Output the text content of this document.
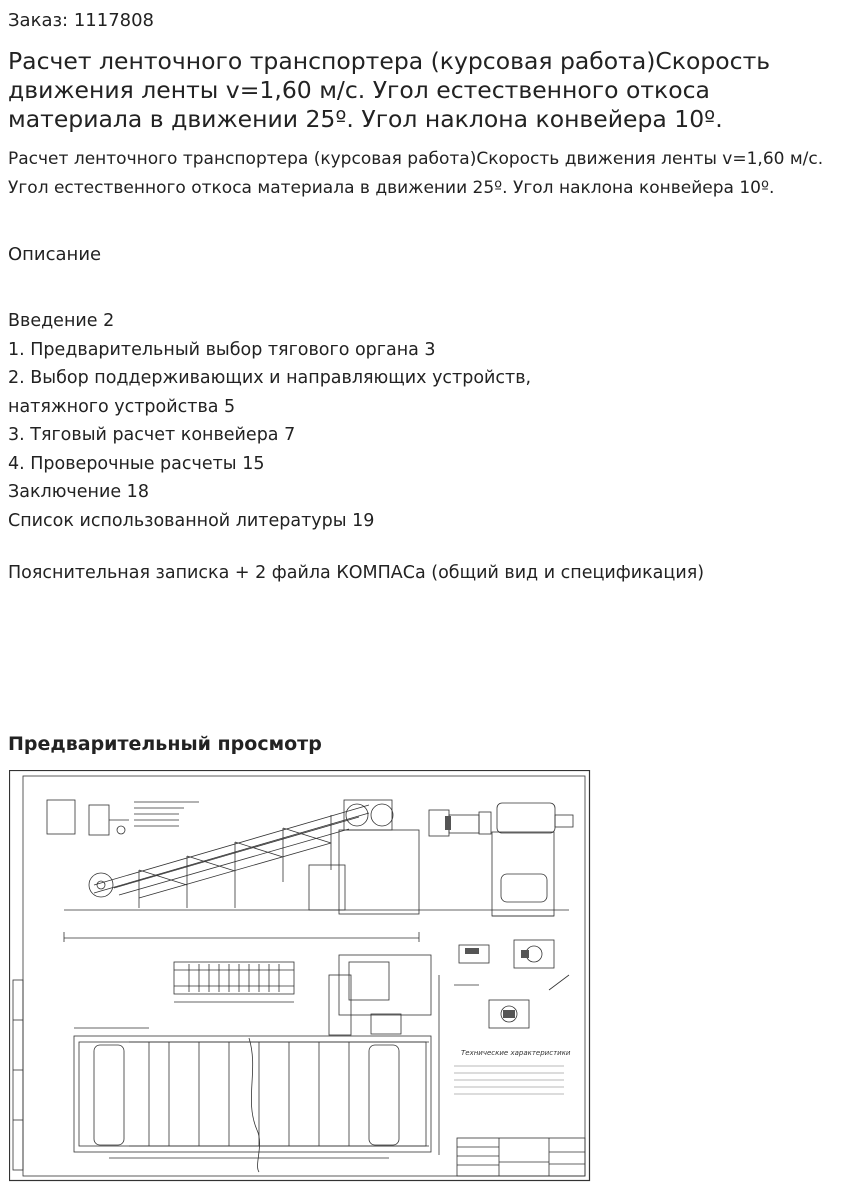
Заказ: 1117808
Расчет ленточного транспортера (курсовая работа)Скорость движения ленты v=1,60 м/с. Угол естественного откоса материала в движении 25º. Угол наклона конвейера 10º.

Расчет ленточного транспортера (курсовая работа)Скорость движения ленты v=1,60 м/с. Угол естественного откоса материала в движении 25º. Угол наклона конвейера 10º.

Описание
Введение 2
1. Предварительный выбор тягового органа 3
2. Выбор поддерживающих и направляющих устройств,
натяжного устройства 5
3. Тяговый расчет конвейера 7
4. Проверочные расчеты 15
Заключение 18
Список использованной литературы 19
Пояснительная записка + 2 файла КОМПАСа (общий вид и спецификация)
Предварительный просмотр
Технические характеристики
